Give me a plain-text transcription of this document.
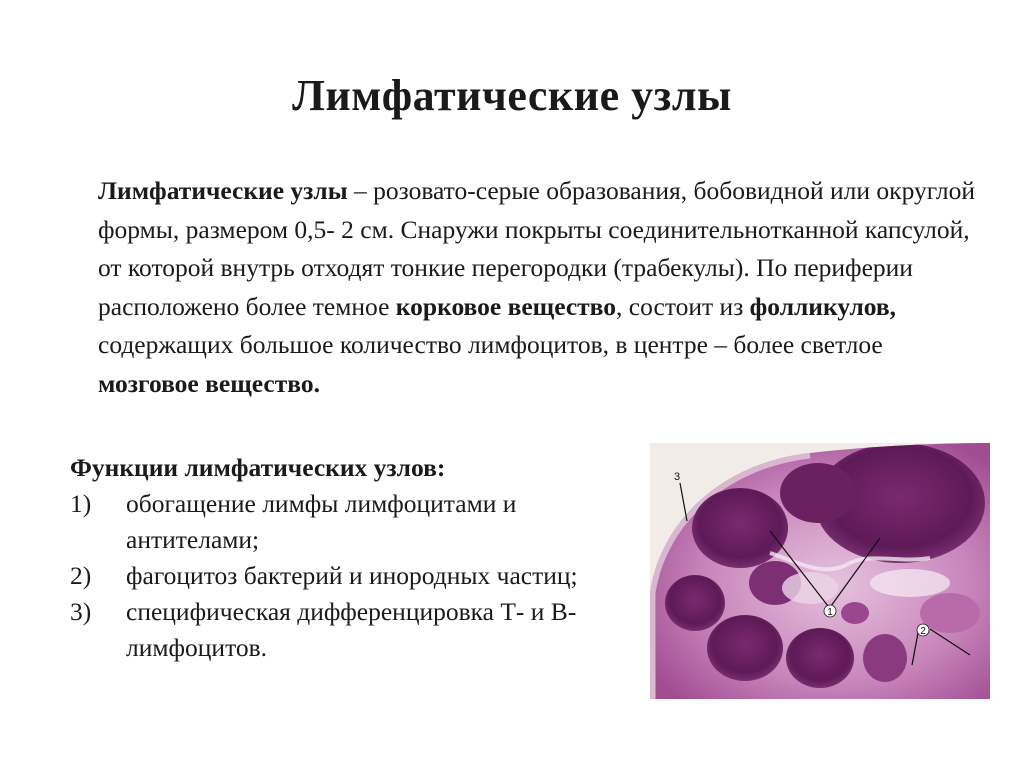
Лимфатические узлы
Лимфатические узлы – розовато-серые образования, бобовидной или округлой формы, размером 0,5- 2 см. Снаружи покрыты соединительнотканной капсулой, от которой внутрь отходят тонкие перегородки (трабекулы). По периферии расположено более темное корковое вещество, состоит из фолликулов, содержащих большое количество лимфоцитов, в центре – более светлое мозговое вещество.
Функции лимфатических узлов:
1)	обогащение лимфы лимфоцитами и антителами;
2)	фагоцитоз бактерий и инородных частиц;
3)	специфическая дифференцировка Т- и В-лимфоцитов.
1
2
3
